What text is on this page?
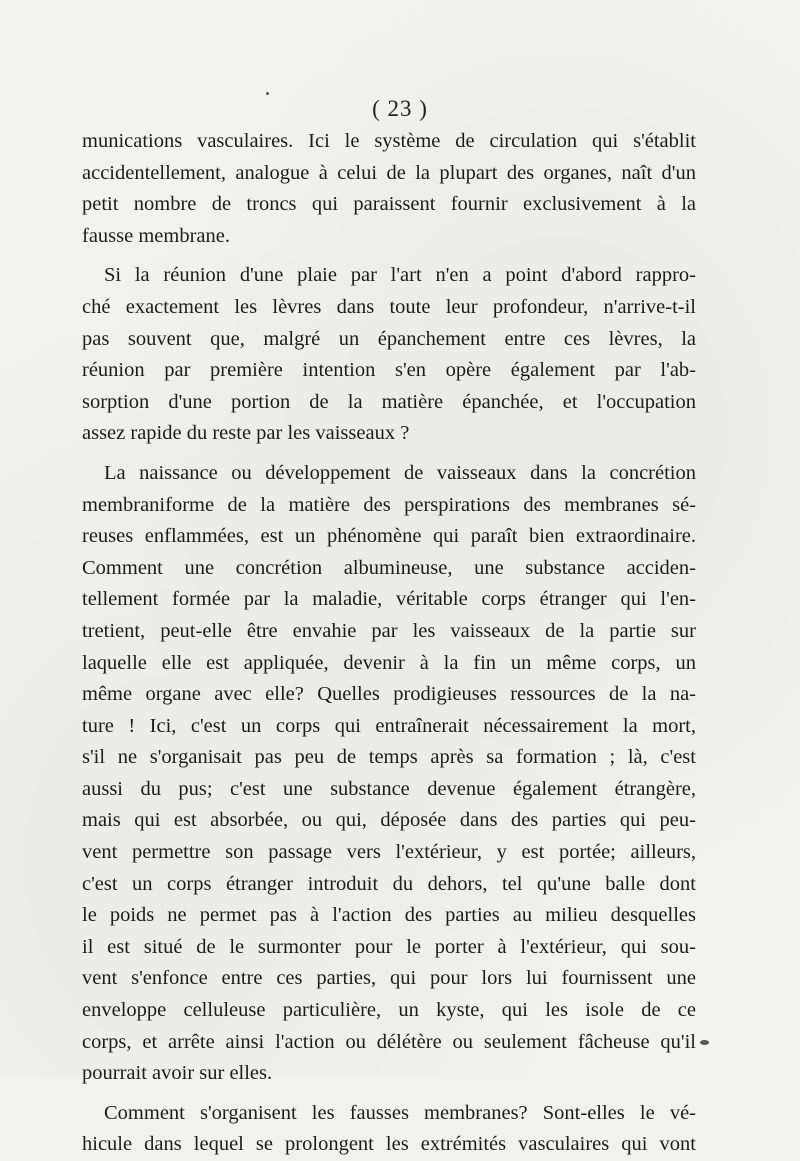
( 23 )
munications vasculaires. Ici le système de circulation qui s'établit
accidentellement, analogue à celui de la plupart des organes, naît d'un
petit nombre de troncs qui paraissent fournir exclusivement à la
fausse membrane.
Si la réunion d'une plaie par l'art n'en a point d'abord rappro-
ché exactement les lèvres dans toute leur profondeur, n'arrive-t-il
pas souvent que, malgré un épanchement entre ces lèvres, la
réunion par première intention s'en opère également par l'ab-
sorption d'une portion de la matière épanchée, et l'occupation
assez rapide du reste par les vaisseaux ?
La naissance ou développement de vaisseaux dans la concrétion
membraniforme de la matière des perspirations des membranes sé-
reuses enflammées, est un phénomène qui paraît bien extraordinaire.
Comment une concrétion albumineuse, une substance acciden-
tellement formée par la maladie, véritable corps étranger qui l'en-
tretient, peut-elle être envahie par les vaisseaux de la partie sur
laquelle elle est appliquée, devenir à la fin un même corps, un
même organe avec elle? Quelles prodigieuses ressources de la na-
ture ! Ici, c'est un corps qui entraînerait nécessairement la mort,
s'il ne s'organisait pas peu de temps après sa formation ; là, c'est
aussi du pus; c'est une substance devenue également étrangère,
mais qui est absorbée, ou qui, déposée dans des parties qui peu-
vent permettre son passage vers l'extérieur, y est portée; ailleurs,
c'est un corps étranger introduit du dehors, tel qu'une balle dont
le poids ne permet pas à l'action des parties au milieu desquelles
il est situé de le surmonter pour le porter à l'extérieur, qui sou-
vent s'enfonce entre ces parties, qui pour lors lui fournissent une
enveloppe celluleuse particulière, un kyste, qui les isole de ce
corps, et arrête ainsi l'action ou délétère ou seulement fâcheuse qu'il
pourrait avoir sur elles.
Comment s'organisent les fausses membranes? Sont-elles le vé-
hicule dans lequel se prolongent les extrémités vasculaires qui vont
